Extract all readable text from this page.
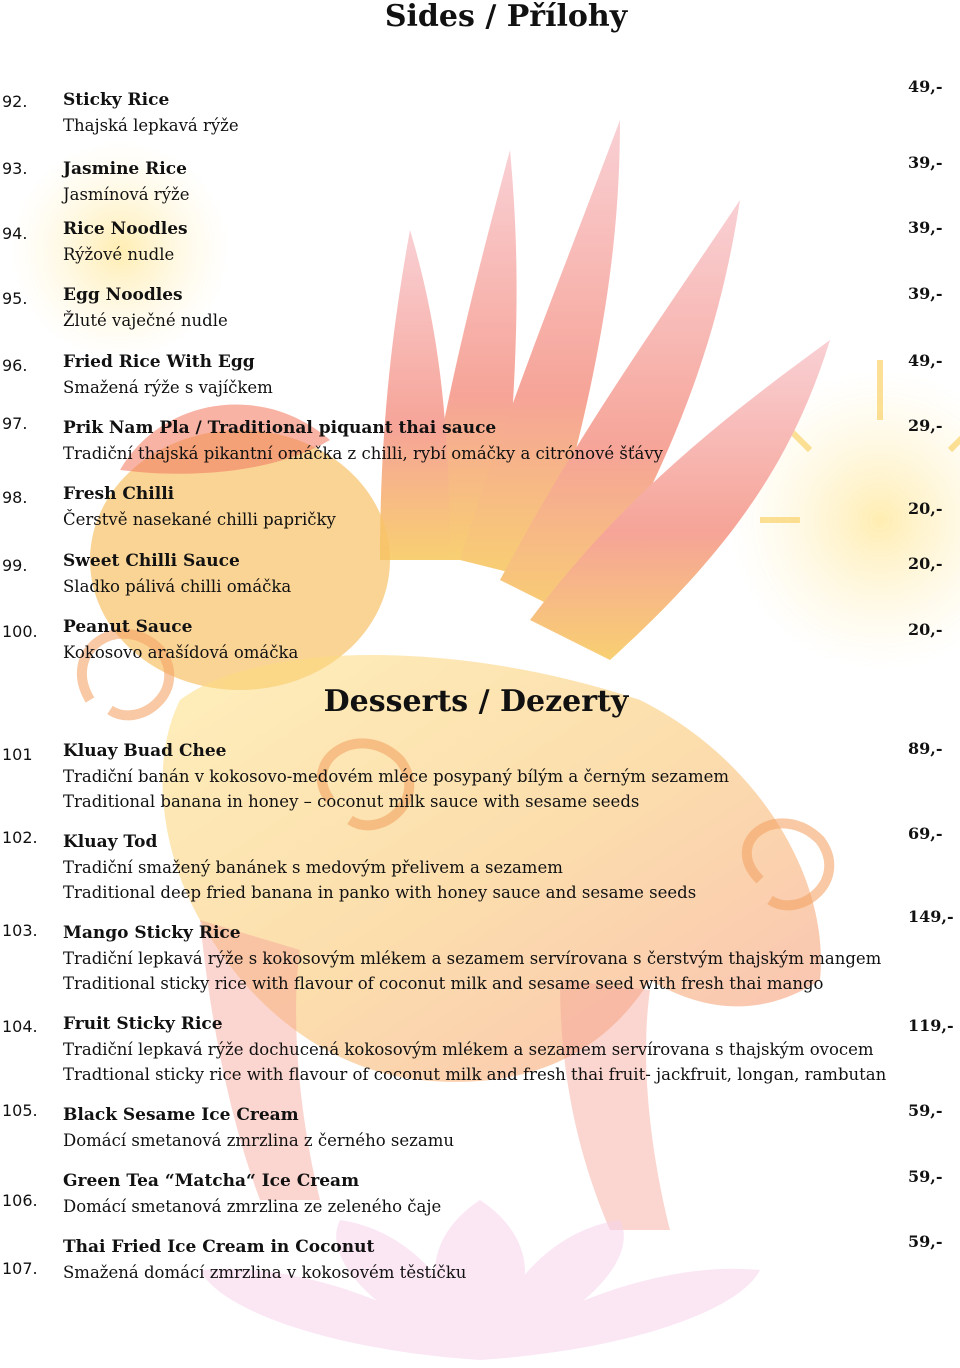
Sides / Přílohy
92.	Sticky Rice
Thajská lepkavá rýže
49,-
93.	Jasmine Rice
Jasmínová rýže
39,-
94.	Rice Noodles
Rýžové nudle
39,-
95.	Egg Noodles
Žluté vaječné nudle
39,-
96.	Fried Rice With Egg
Smažená rýže s vajíčkem
49,-
97.	Prik Nam Pla / Traditional piquant thai sauce
Tradiční thajská pikantní omáčka z chilli, rybí omáčky a citrónové šťávy
29,-
98.	Fresh Chilli
Čerstvě nasekané chilli papričky
20,-
99.	Sweet Chilli Sauce
Sladko pálivá chilli omáčka
20,-
100.	Peanut Sauce
Kokosovo arašídová omáčka
20,-
Desserts / Dezerty
101	Kluay Buad Chee
Tradiční banán v kokosovo-medovém mléce posypaný bílým a černým sezamem
Traditional banana in honey – coconut milk sauce with sesame seeds
89,-
102.	Kluay Tod
Tradiční smažený banánek s medovým přelivem a sezamem
Traditional deep fried banana in panko with honey sauce and sesame seeds
69,-
103.	Mango Sticky Rice
Tradiční lepkavá rýže s kokosovým mlékem a sezamem servírovana s čerstvým thajským mangem
Traditional sticky rice with flavour of coconut milk and sesame seed with fresh thai mango
149,-
104.	Fruit Sticky Rice
Tradiční lepkavá rýže dochucená kokosovým mlékem a sezamem servírovana s thajským ovocem
Tradtional sticky rice with flavour of coconut milk and fresh thai fruit- jackfruit, longan, rambutan
119,-
105.	Black Sesame Ice Cream
Domácí smetanová zmrzlina z černého sezamu
59,-
106.
Green Tea “Matcha“ Ice Cream
Domácí smetanová zmrzlina ze zeleného čaje
59,-
107.
Thai Fried Ice Cream in Coconut
Smažená domácí zmrzlina v kokosovém těstíčku
59,-
